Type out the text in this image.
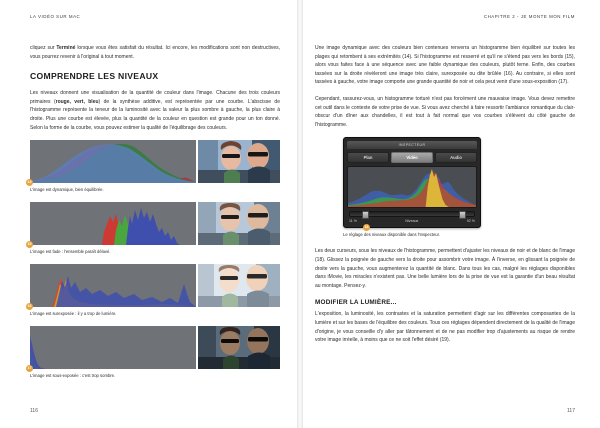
LA VIDÉO SUR MAC

cliquez sur Terminé lorsque vous êtes satisfait du résultat. Ici encore, les modifications sont non destructives, vous pourrez revenir à l'original à tout moment.

COMPRENDRE LES NIVEAUX

Les niveaux donnent une visualisation de la quantité de couleur dans l'image. Chacune des trois couleurs primaires (rouge, vert, bleu) de la synthèse additive, est représentée par une courbe. L'abscisse de l'histogramme représente la teneur de la luminosité avec la valeur la plus sombre à gauche, la plus claire à droite. Plus une courbe est élevée, plus la quantité de la couleur en question est grande pour un ton donné. Selon la forme de la courbe, vous pouvez estimer la qualité de l'équilibrage des couleurs.

14
L'image est dynamique, bien équilibrée.
15
L'image est fade : l'ensemble paraît délavé.
16
L'image est surexposée : il y a trop de lumière.
17
L'image est sous-exposée : c'est trop sombre.
116
CHAPITRE 2 - JE MONTE MON FILM

Une image dynamique avec des couleurs bien contenues renverra un histogramme bien équilibré sur toutes les plages qui retombent à ses extrémités (14). Si l'histogramme est resserré et qu'il ne s'étend pas vers les bords (15), alors vous faites face à une séquence avec une faible dynamique des couleurs, plutôt terne. Enfin, des courbes tassées sur la droite révèleront une image très claire, surexposée ou dite brûlée (16). Au contraire, si elles sont tassées à gauche, votre image comporte une grande quantité de noir et cela peut venir d'une sous-exposition (17).

Cependant, rassurez-vous, un histogramme torturé n'est pas forcément une mauvaise image. Vous devez remettre cet outil dans le contexte de votre prise de vue. Si vous avez cherché à faire ressortir l'ambiance romantique du clair-obscur d'un dîner aux chandelles, il est tout à fait normal que vos courbes s'élèvent du côté gauche de l'histogramme.

18
INSPECTEUR
Plan	Vidéo	Audio
11 %	Niveaux	92 %
Le réglage des niveaux disponible dans l'Inspecteur.

Les deux curseurs, sous les niveaux de l'histogramme, permettent d'ajuster les niveaux de noir et de blanc de l'image (18). Glissez la poignée de gauche vers la droite pour assombrir votre image. À l'inverse, en glissant la poignée de droite vers la gauche, vous augmenterez la quantité de blanc. Dans tous les cas, malgré les réglages disponibles dans iMovie, les miracles n'existent pas. Une belle lumière lors de la prise de vue est la garantie d'un beau résultat au montage. Pensez-y.

MODIFIER LA LUMIÈRE...

L'exposition, la luminosité, les contrastes et la saturation permettent d'agir sur les différentes composantes de la lumière et sur les bases de l'équilibre des couleurs. Tous ces réglages dépendent directement de la qualité de l'image d'origine, je vous conseille d'y aller par tâtonnement et de ne pas modifier trop d'ajustements au risque de rendre votre image irréelle, à moins que ce ne soit l'effet désiré (19).

117
